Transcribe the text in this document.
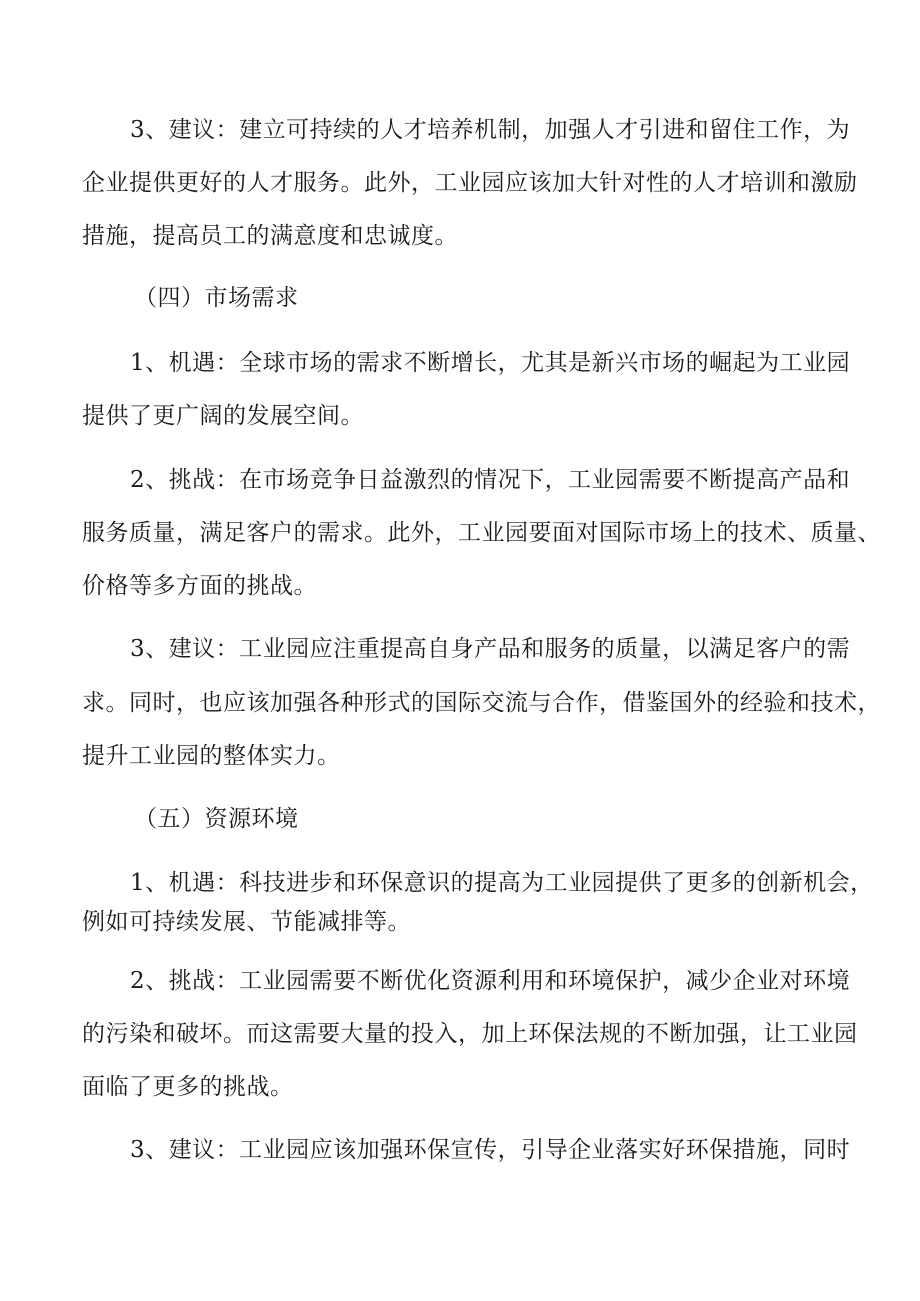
3、建议：建立可持续的人才培养机制，加强人才引进和留住工作，为

企业提供更好的人才服务。此外，工业园应该加大针对性的人才培训和激励

措施，提高员工的满意度和忠诚度。

（四）市场需求

1、机遇：全球市场的需求不断增长，尤其是新兴市场的崛起为工业园

提供了更广阔的发展空间。

2、挑战：在市场竞争日益激烈的情况下，工业园需要不断提高产品和

服务质量，满足客户的需求。此外，工业园要面对国际市场上的技术、质量、

价格等多方面的挑战。

3、建议：工业园应注重提高自身产品和服务的质量，以满足客户的需

求。同时，也应该加强各种形式的国际交流与合作，借鉴国外的经验和技术，

提升工业园的整体实力。

（五）资源环境

1、机遇：科技进步和环保意识的提高为工业园提供了更多的创新机会，

例如可持续发展、节能减排等。

2、挑战：工业园需要不断优化资源利用和环境保护，减少企业对环境

的污染和破坏。而这需要大量的投入，加上环保法规的不断加强，让工业园

面临了更多的挑战。

3、建议：工业园应该加强环保宣传，引导企业落实好环保措施，同时
